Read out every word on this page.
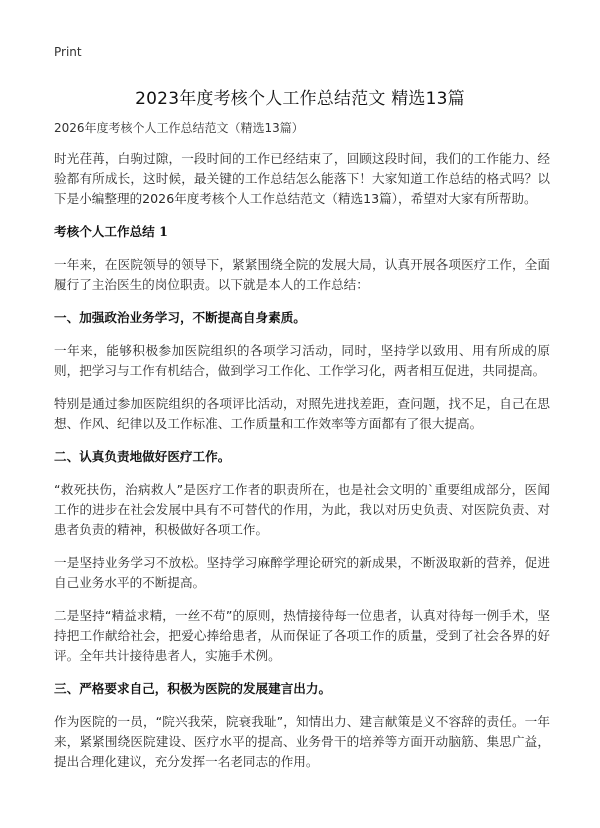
Print
2023年度考核个人工作总结范文 精选13篇
2026年度考核个人工作总结范文（精选13篇）

时光荏苒，白驹过隙，一段时间的工作已经结束了，回顾这段时间，我们的工作能力、经验都有所成长，这时候，最关键的工作总结怎么能落下！大家知道工作总结的格式吗？以下是小编整理的2026年度考核个人工作总结范文（精选13篇），希望对大家有所帮助。

考核个人工作总结 1

一年来，在医院领导的领导下，紧紧围绕全院的发展大局，认真开展各项医疗工作，全面履行了主治医生的岗位职责。以下就是本人的工作总结：

一、加强政治业务学习，不断提高自身素质。

一年来，能够积极参加医院组织的各项学习活动，同时，坚持学以致用、用有所成的原则，把学习与工作有机结合，做到学习工作化、工作学习化，两者相互促进，共同提高。

特别是通过参加医院组织的各项评比活动，对照先进找差距，查问题，找不足，自己在思想、作风、纪律以及工作标准、工作质量和工作效率等方面都有了很大提高。

二、认真负责地做好医疗工作。

“救死扶伤，治病救人”是医疗工作者的职责所在，也是社会文明的`重要组成部分，医闻工作的进步在社会发展中具有不可替代的作用，为此，我以对历史负责、对医院负责、对患者负责的精神，积极做好各项工作。

一是坚持业务学习不放松。坚持学习麻醉学理论研究的新成果，不断汲取新的营养，促进自己业务水平的不断提高。

二是坚持“精益求精，一丝不苟”的原则，热情接待每一位患者，认真对待每一例手术，坚持把工作献给社会，把爱心捧给患者，从而保证了各项工作的质量，受到了社会各界的好评。全年共计接待患者人，实施手术例。

三、严格要求自己，积极为医院的发展建言出力。

作为医院的一员，“院兴我荣，院衰我耻”，知情出力、建言献策是义不容辞的责任。一年来，紧紧围绕医院建设、医疗水平的提高、业务骨干的培养等方面开动脑筋、集思广益，提出合理化建议，充分发挥一名老同志的作用。
